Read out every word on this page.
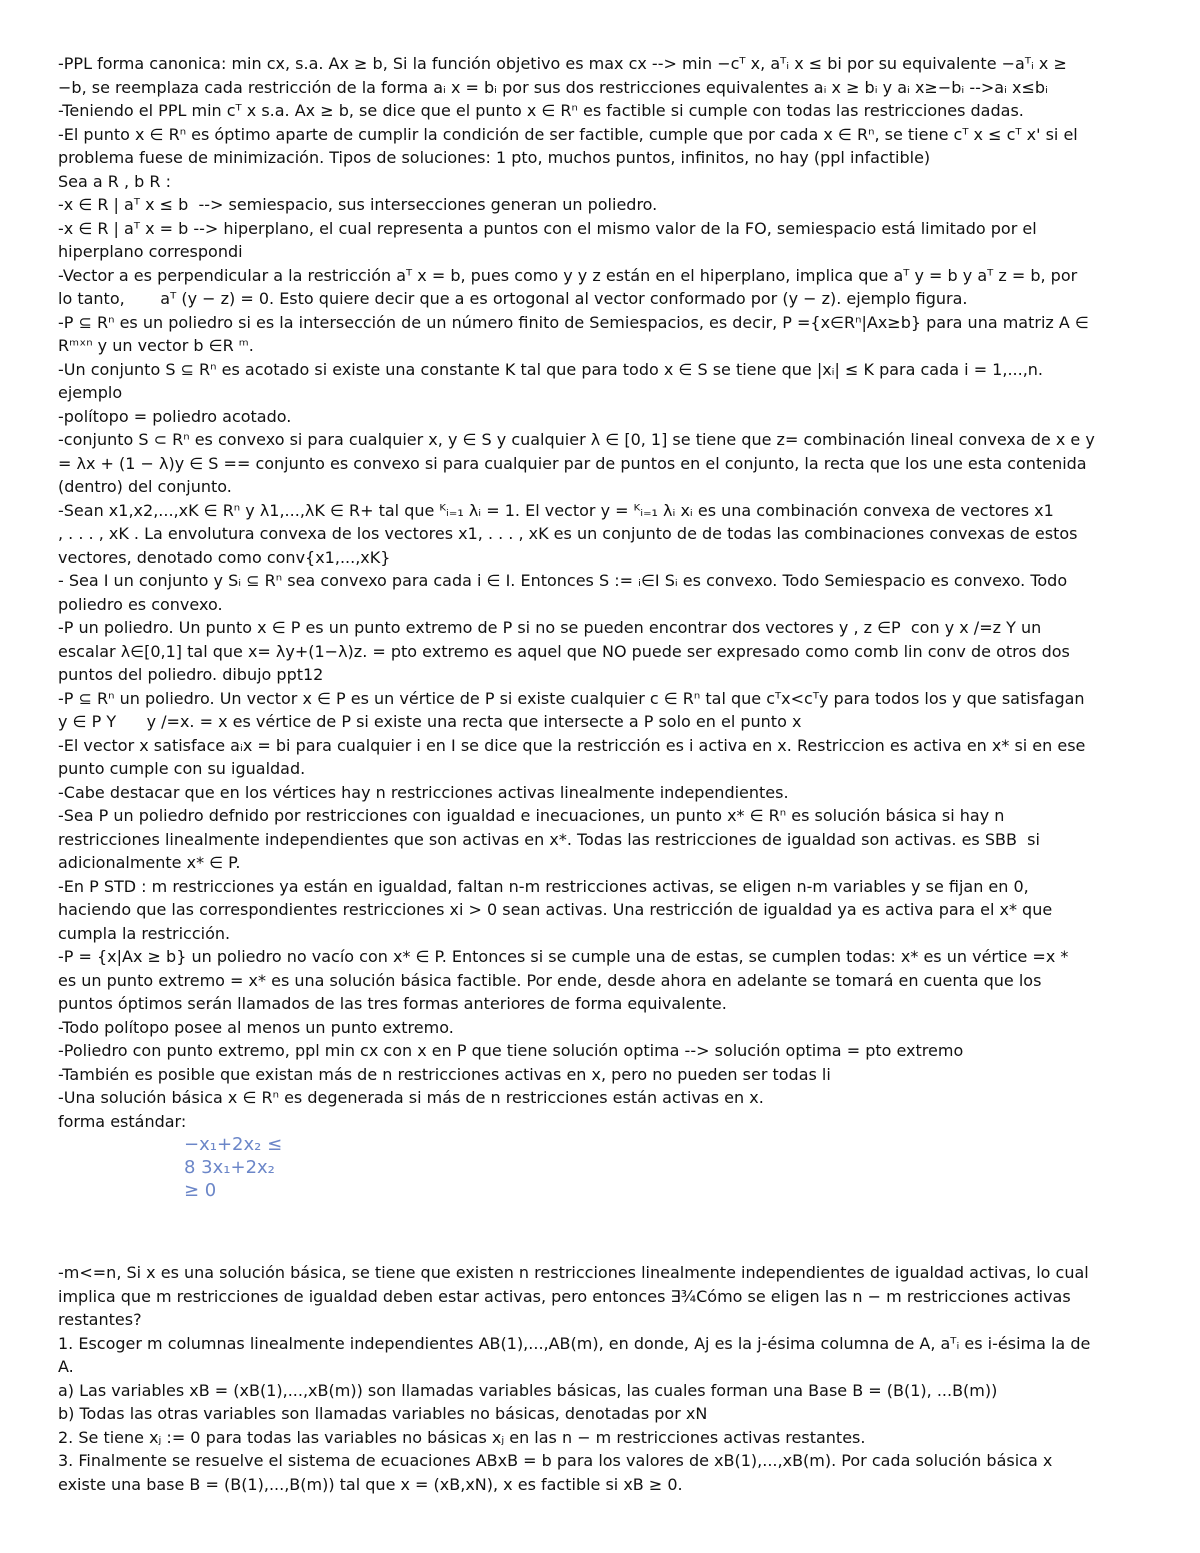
-PPL forma canonica: min cx, s.a. Ax ≥ b, Si la función objetivo es max cx --> min −cᵀ x, aᵀᵢ x ≤ bi por su equivalente −aᵀᵢ x ≥
−b, se reemplaza cada restricción de la forma aᵢ x = bᵢ por sus dos restricciones equivalentes aᵢ x ≥ bᵢ y aᵢ x≥−bᵢ -->aᵢ x≤bᵢ
-Teniendo el PPL min cᵀ x s.a. Ax ≥ b, se dice que el punto x ∈ Rⁿ es factible si cumple con todas las restricciones dadas.
-El punto x ∈ Rⁿ es óptimo aparte de cumplir la condición de ser factible, cumple que por cada x ∈ Rⁿ, se tiene cᵀ x ≤ cᵀ x' si el
problema fuese de minimización. Tipos de soluciones: 1 pto, muchos puntos, infinitos, no hay (ppl infactible)
Sea a R , b R :
-x ∈ R | aᵀ x ≤ b  --> semiespacio, sus intersecciones generan un poliedro.
-x ∈ R | aᵀ x = b --> hiperplano, el cual representa a puntos con el mismo valor de la FO, semiespacio está limitado por el
hiperplano correspondi
-Vector a es perpendicular a la restricción aᵀ x = b, pues como y y z están en el hiperplano, implica que aᵀ y = b y aᵀ z = b, por
lo tanto,       aᵀ (y − z) = 0. Esto quiere decir que a es ortogonal al vector conformado por (y − z). ejemplo figura.
-P ⊆ Rⁿ es un poliedro si es la intersección de un número finito de Semiespacios, es decir, P ={x∈Rⁿ|Ax≥b} para una matriz A ∈
Rᵐˣⁿ y un vector b ∈R ᵐ.
-Un conjunto S ⊆ Rⁿ es acotado si existe una constante K tal que para todo x ∈ S se tiene que |xᵢ| ≤ K para cada i = 1,...,n.
ejemplo
-polítopo = poliedro acotado.
-conjunto S ⊂ Rⁿ es convexo si para cualquier x, y ∈ S y cualquier λ ∈ [0, 1] se tiene que z= combinación lineal convexa de x e y
= λx + (1 − λ)y ∈ S == conjunto es convexo si para cualquier par de puntos en el conjunto, la recta que los une esta contenida
(dentro) del conjunto.
-Sean x1,x2,...,xK ∈ Rⁿ y λ1,...,λK ∈ R+ tal que ᴷᵢ₌₁ λᵢ = 1. El vector y = ᴷᵢ₌₁ λᵢ xᵢ es una combinación convexa de vectores x1
, . . . , xK . La envolutura convexa de los vectores x1, . . . , xK es un conjunto de de todas las combinaciones convexas de estos
vectores, denotado como conv{x1,...,xK}
- Sea I un conjunto y Sᵢ ⊆ Rⁿ sea convexo para cada i ∈ I. Entonces S := ᵢ∈I Sᵢ es convexo. Todo Semiespacio es convexo. Todo
poliedro es convexo.
-P un poliedro. Un punto x ∈ P es un punto extremo de P si no se pueden encontrar dos vectores y , z ∈P  con y x /=z Y un
escalar λ∈[0,1] tal que x= λy+(1−λ)z. = pto extremo es aquel que NO puede ser expresado como comb lin conv de otros dos
puntos del poliedro. dibujo ppt12
-P ⊆ Rⁿ un poliedro. Un vector x ∈ P es un vértice de P si existe cualquier c ∈ Rⁿ tal que cᵀx<cᵀy para todos los y que satisfagan
y ∈ P Y      y /=x. = x es vértice de P si existe una recta que intersecte a P solo en el punto x
-El vector x satisface aᵢx = bi para cualquier i en I se dice que la restricción es i activa en x. Restriccion es activa en x* si en ese
punto cumple con su igualdad.
-Cabe destacar que en los vértices hay n restricciones activas linealmente independientes.
-Sea P un poliedro defnido por restricciones con igualdad e inecuaciones, un punto x* ∈ Rⁿ es solución básica si hay n
restricciones linealmente independientes que son activas en x*. Todas las restricciones de igualdad son activas. es SBB  si
adicionalmente x* ∈ P.
-En P STD : m restricciones ya están en igualdad, faltan n-m restricciones activas, se eligen n-m variables y se fijan en 0,
haciendo que las correspondientes restricciones xi > 0 sean activas. Una restricción de igualdad ya es activa para el x* que
cumpla la restricción.
-P = {x|Ax ≥ b} un poliedro no vacío con x* ∈ P. Entonces si se cumple una de estas, se cumplen todas: x* es un vértice =x *
es un punto extremo = x* es una solución básica factible. Por ende, desde ahora en adelante se tomará en cuenta que los
puntos óptimos serán llamados de las tres formas anteriores de forma equivalente.
-Todo polítopo posee al menos un punto extremo.
-Poliedro con punto extremo, ppl min cx con x en P que tiene solución optima --> solución optima = pto extremo
-También es posible que existan más de n restricciones activas en x, pero no pueden ser todas li
-Una solución básica x ∈ Rⁿ es degenerada si más de n restricciones están activas en x.
forma estándar:
−x₁+2x₂ ≤
8 3x₁+2x₂
≥ 0
-m<=n, Si x es una solución básica, se tiene que existen n restricciones linealmente independientes de igualdad activas, lo cual
implica que m restricciones de igualdad deben estar activas, pero entonces ∃¾Cómo se eligen las n − m restricciones activas
restantes?
1. Escoger m columnas linealmente independientes AB(1),...,AB(m), en donde, Aj es la j-ésima columna de A, aᵀᵢ es i-ésima la de
A.
a) Las variables xB = (xB(1),...,xB(m)) son llamadas variables básicas, las cuales forman una Base B = (B(1), ...B(m))
b) Todas las otras variables son llamadas variables no básicas, denotadas por xN
2. Se tiene xⱼ := 0 para todas las variables no básicas xⱼ en las n − m restricciones activas restantes.
3. Finalmente se resuelve el sistema de ecuaciones ABxB = b para los valores de xB(1),...,xB(m). Por cada solución básica x
existe una base B = (B(1),...,B(m)) tal que x = (xB,xN), x es factible si xB ≥ 0.
